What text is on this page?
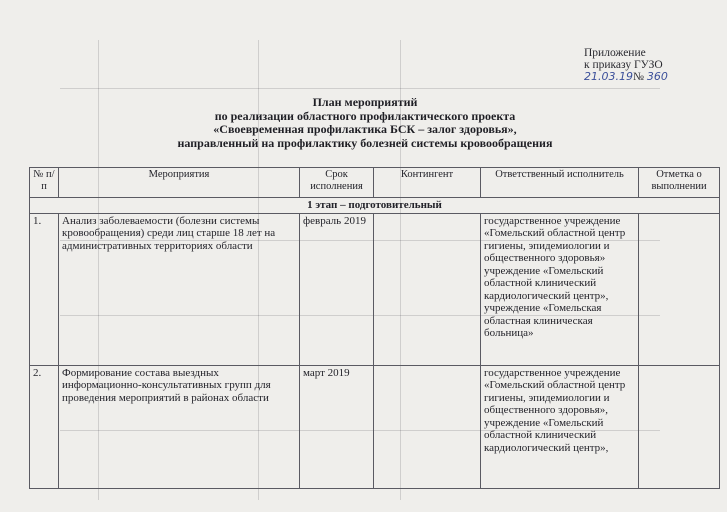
Приложение
к приказу ГУЗО
21.03.19№ 360
План мероприятий
по реализации областного профилактического проекта
«Своевременная профилактика БСК – залог здоровья»,
направленный на профилактику болезней системы кровообращения
№ п/п	Мероприятия	Срок исполнения	Контингент	Ответственный исполнитель	Отметка о выполнении
1 этап – подготовительный					
1.	Анализ заболеваемости (болезни системы кровообращения) среди лиц старше 18 лет на административных территориях области	февраль 2019		государственное учреждение «Гомельский областной центр гигиены, эпидемиологии и общественного здоровья» учреждение «Гомельский областной клинический кардиологический центр», учреждение «Гомельская областная клиническая больница»	
2.	Формирование состава выездных информационно-консультативных групп для проведения мероприятий в районах области	март 2019		государственное учреждение «Гомельский областной центр гигиены, эпидемиологии и общественного здоровья», учреждение «Гомельский областной клинический кардиологический центр»,	
